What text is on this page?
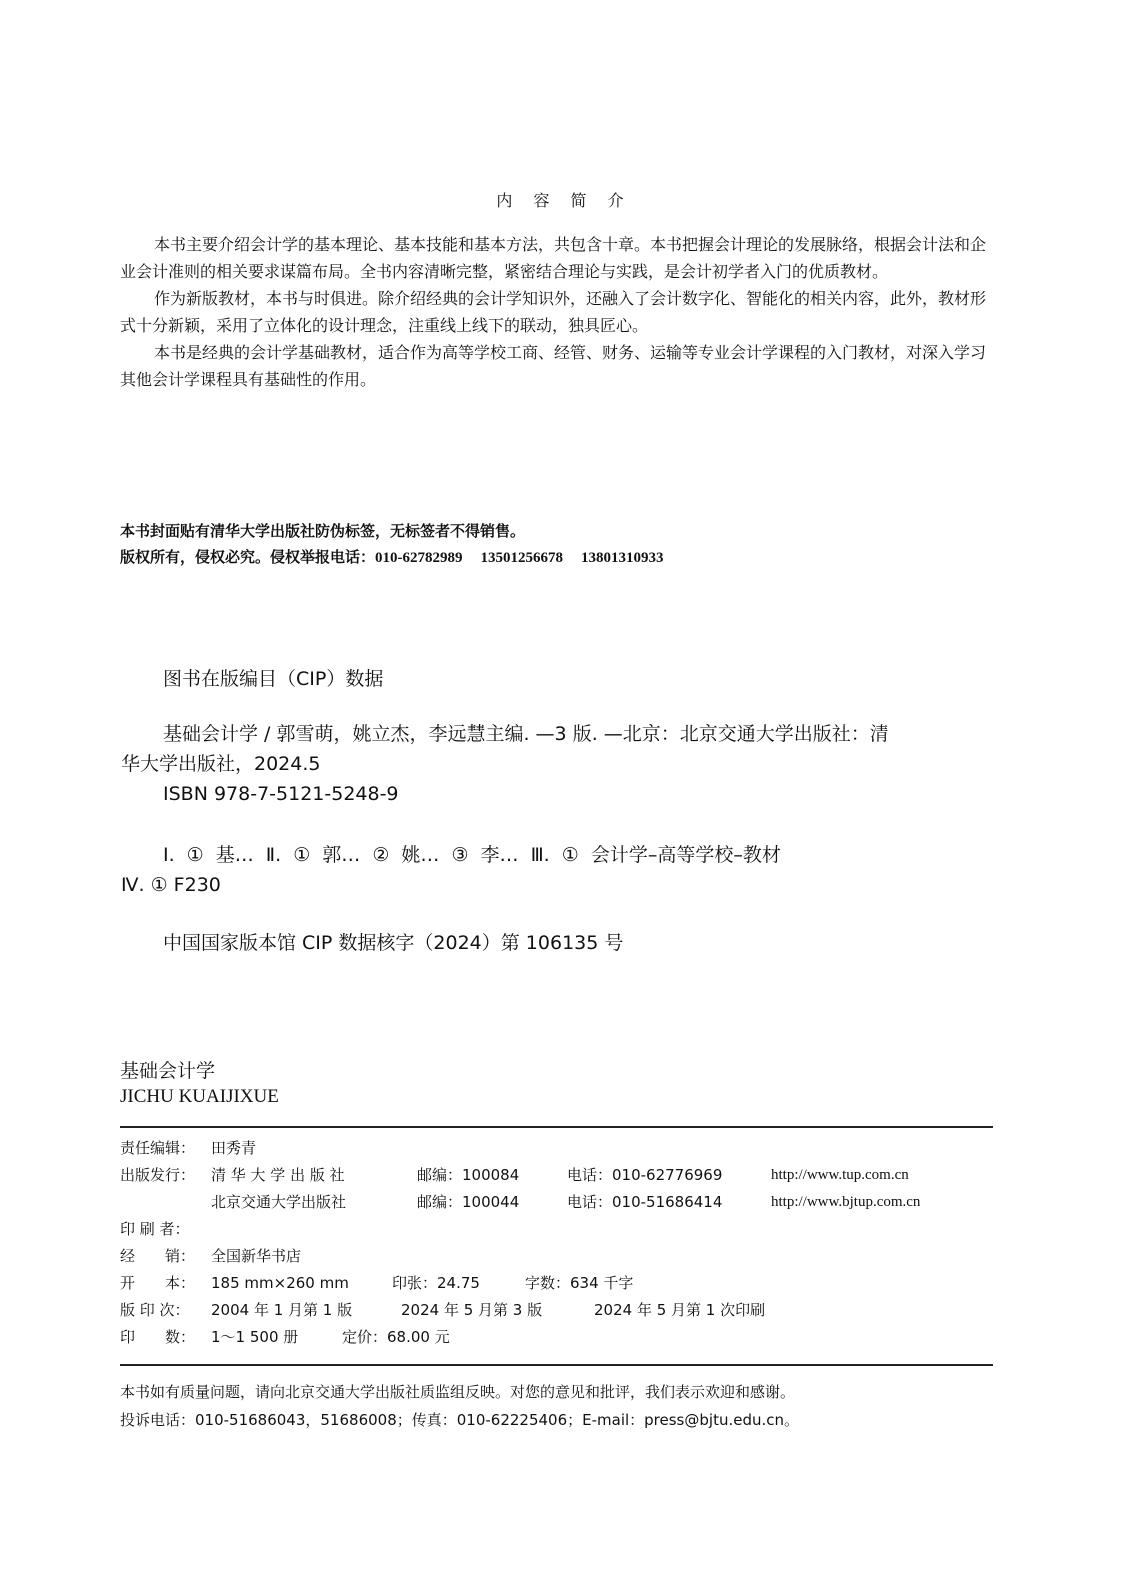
内 容 简 介

本书主要介绍会计学的基本理论、基本技能和基本方法，共包含十章。本书把握会计理论的发展脉络，根据会计法和企业会计准则的相关要求谋篇布局。全书内容清晰完整，紧密结合理论与实践，是会计初学者入门的优质教材。

作为新版教材，本书与时俱进。除介绍经典的会计学知识外，还融入了会计数字化、智能化的相关内容，此外，教材形式十分新颖，采用了立体化的设计理念，注重线上线下的联动，独具匠心。

本书是经典的会计学基础教材，适合作为高等学校工商、经管、财务、运输等专业会计学课程的入门教材，对深入学习其他会计学课程具有基础性的作用。

本书封面贴有清华大学出版社防伪标签，无标签者不得销售。
版权所有，侵权必究。侵权举报电话：010-62782989 13501256678 13801310933
图书在版编目（CIP）数据
基础会计学 / 郭雪萌，姚立杰，李远慧主编. —3 版. —北京：北京交通大学出版社：清
华大学出版社，2024.5
ISBN 978-7-5121-5248-9
Ⅰ. ① 基… Ⅱ. ① 郭… ② 姚… ③ 李… Ⅲ. ① 会计学–高等学校–教材
Ⅳ. ① F230
中国国家版本馆 CIP 数据核字（2024）第 106135 号
基础会计学
JICHU KUAIJIXUE
责任编辑： 田秀青
出版发行： 清 华 大 学 出 版 社	邮编：100084	电话：010-62776969	http://www.tup.com.cn
北京交通大学出版社	邮编：100044	电话：010-51686414	http://www.bjtup.com.cn
印 刷 者：
经　　销： 全国新华书店
开　　本： 185 mm×260 mm	印张：24.75	字数：634 千字
版 印 次： 2004 年 1 月第 1 版	2024 年 5 月第 3 版	2024 年 5 月第 1 次印刷
印　　数： 1～1 500 册	定价：68.00 元
本书如有质量问题，请向北京交通大学出版社质监组反映。对您的意见和批评，我们表示欢迎和感谢。
投诉电话：010-51686043，51686008；传真：010-62225406；E-mail：press@bjtu.edu.cn。
